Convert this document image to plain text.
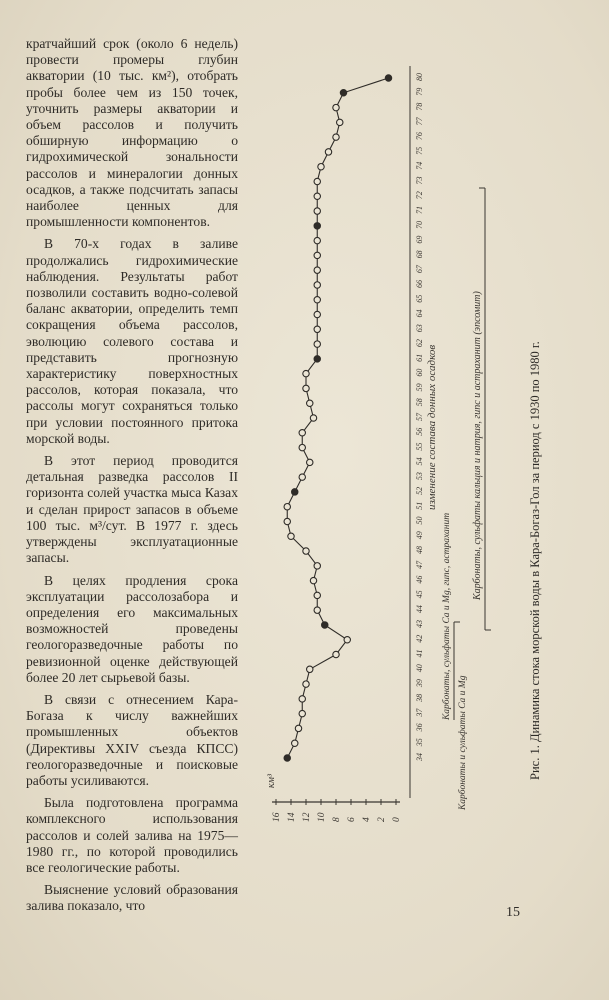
кратчайший срок (около 6 недель) провести промеры глубин акватории (10 тыс. км²), отобрать пробы более чем из 150 точек, уточнить размеры акватории и объем рассолов и получить обширную информацию о гидрохимической зональности рассолов и минералогии донных осадков, а также подсчитать запасы наиболее ценных для промышленности компонентов.

В 70-х годах в заливе продолжались гидрохимические наблюдения. Результаты работ позволили составить водно-солевой баланс акватории, определить темп сокращения объема рассолов, эволюцию солевого состава и представить прогнозную характеристику поверхностных рассолов, которая показала, что рассолы могут сохраняться только при условии постоянного притока морской воды.

В этот период проводится детальная разведка рассолов II горизонта солей участка мыса Казах и сделан прирост запасов в объеме 100 тыс. м³/сут. В 1977 г. здесь утверждены эксплуатационные запасы.

В целях продления срока эксплуатации рассолозабора и определения его максимальных возможностей проведены геологоразведочные работы по ревизионной оценке действующей более 20 лет сырьевой базы.

В связи с отнесением Кара-Богаза к числу важнейших промышленных объектов (Директивы XXIV съезда КПСС) геологоразведочные и поисковые работы усиливаются.

Была подготовлена программа комплексного использования рассолов и солей залива на 1975—1980 гг., по которой проводились все геологические работы.

Выяснение условий образования залива показало, что

км³
34
35
36
37
38
39
40
41
42
43
44
45
46
47
48
49
50
51
52
53
54
55
56
57
58
59
60
61
62
63
64
65
66
67
68
69
70
71
72
73
74
75
76
77
78
79
80
16 14 12 10 8 6 4 2 0
изменение состава донных осадков
Карбонаты, сульфаты Ca и Mg, гипс, астраханит
Карбонаты и сульфаты Ca и Mg
Карбонаты, сульфаты кальция и натрия, гипс и астраханит (эпсомит)	Рис. 1. Динамика стока морской воды в Кара-Богаз-Гол за период с 1930 по 1980 г.
15
